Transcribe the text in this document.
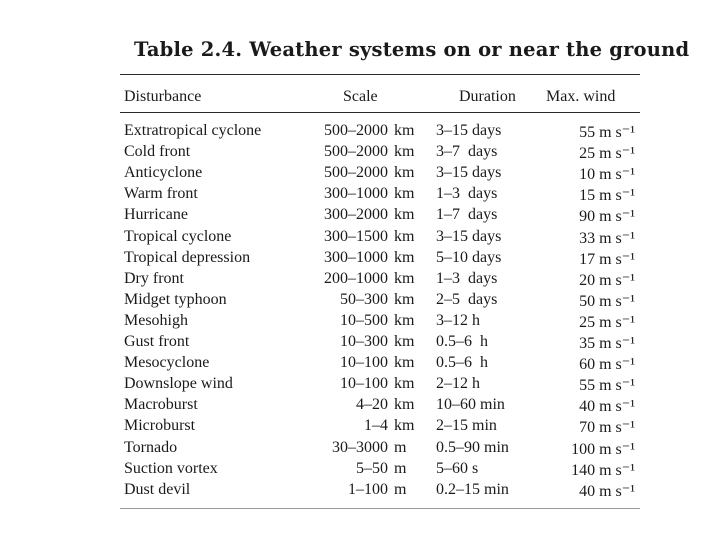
Table 2.4. Weather systems on or near the ground
Disturbance	Scale	Duration Max. wind
Extratropical cyclone	500–2000 km 3–15 days	55 m s⁻¹
Cold front	500–2000 km 3–7  days	25 m s⁻¹
Anticyclone	500–2000 km 3–15 days	10 m s⁻¹
Warm front	300–1000 km 1–3  days	15 m s⁻¹
Hurricane	300–2000 km 1–7  days	90 m s⁻¹
Tropical cyclone	300–1500 km 3–15 days	33 m s⁻¹
Tropical depression	300–1000 km 5–10 days	17 m s⁻¹
Dry front	200–1000 km 1–3  days	20 m s⁻¹
Midget typhoon	50–300 km 2–5  days	50 m s⁻¹
Mesohigh	10–500 km 3–12 h	25 m s⁻¹
Gust front	10–300 km 0.5–6  h	35 m s⁻¹
Mesocyclone	10–100 km 0.5–6  h	60 m s⁻¹
Downslope wind	10–100 km 2–12 h	55 m s⁻¹
Macroburst	4–20 km 10–60 min	40 m s⁻¹
Microburst	1–4 km 2–15 min	70 m s⁻¹
Tornado	30–3000 m 0.5–90 min	100 m s⁻¹
Suction vortex	5–50 m 5–60 s	140 m s⁻¹
Dust devil	1–100 m 0.2–15 min	40 m s⁻¹
